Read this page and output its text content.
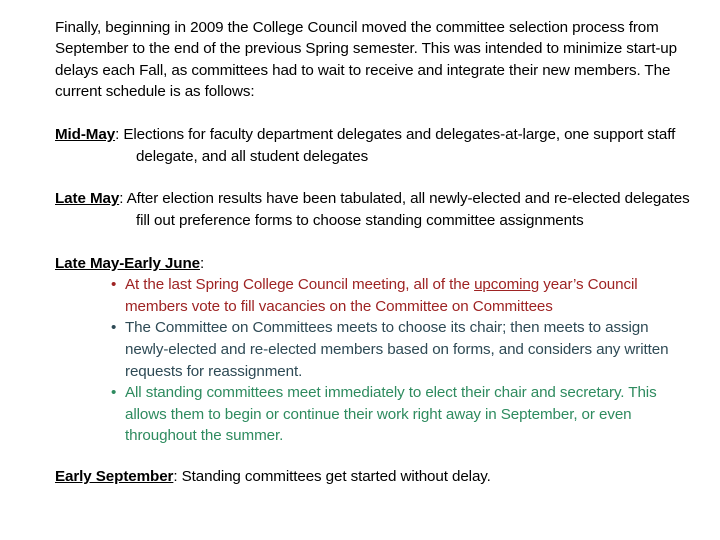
Finally, beginning in 2009 the College Council moved the committee selection process from September to the end of the previous Spring semester. This was intended to minimize start-up delays each Fall, as committees had to wait to receive and integrate their new members. The current schedule is as follows:

Mid-May: Elections for faculty department delegates and delegates-at-large, one support staff delegate, and all student delegates

Late May: After election results have been tabulated, all newly-elected and re-elected delegates fill out preference forms to choose standing committee assignments

Late May-Early June:

• At the last Spring College Council meeting, all of the upcoming year’s Council members vote to fill vacancies on the Committee on Committees
• The Committee on Committees meets to choose its chair; then meets to assign newly-elected and re-elected members based on forms, and considers any written requests for reassignment.
• All standing committees meet immediately to elect their chair and secretary. This allows them to begin or continue their work right away in September, or even throughout the summer.

Early September: Standing committees get started without delay.
